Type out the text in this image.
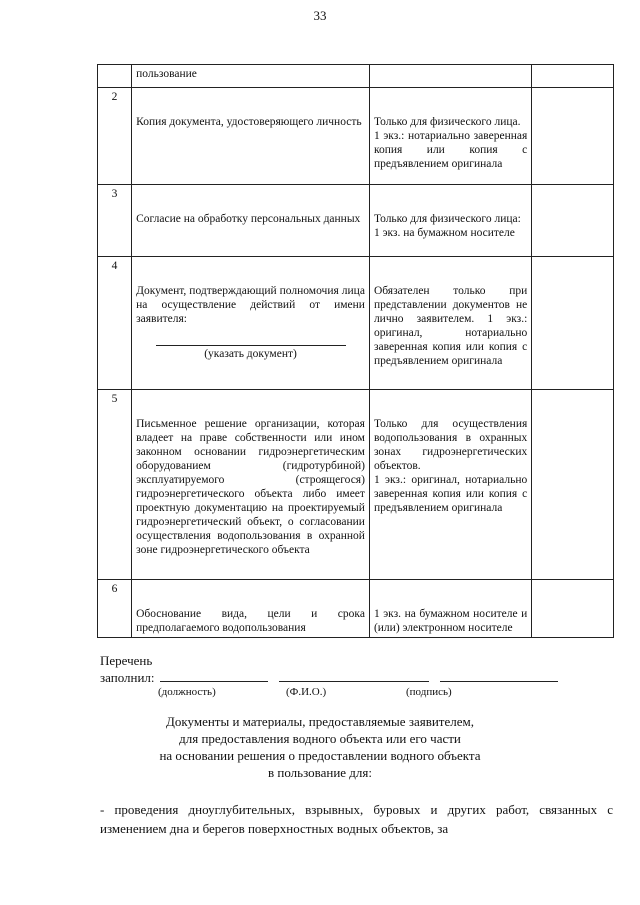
33

	пользование		

2	Копия документа, удостоверяющего личность	Только для физического лица.
1 экз.: нотариально заверенная копия или копия с предъявлением оригинала	

3	Согласие на обработку персональных данных	Только для физического лица:
1 экз. на бумажном носителе	

4	Документ, подтверждающий полномочия лица на осуществление действий от имени заявителя:
(указать документ)	Обязателен только при представлении документов не лично заявителем. 1 экз.: оригинал, нотариально заверенная копия или копия с предъявлением оригинала	

5	Письменное решение организации, которая владеет на праве собственности или ином законном основании гидроэнергетическим оборудованием (гидротурбиной) эксплуатируемого (строящегося) гидроэнергетического объекта либо имеет проектную документацию на проектируемый гидроэнергетический объект, о согласовании осуществления водопользования в охранной зоне гидроэнергетического объекта	Только для осуществления водопользования в охранных зонах гидроэнергетических объектов.
1 экз.: оригинал, нотариально заверенная копия или копия с предъявлением оригинала	

6	Обоснование вида, цели и срока предполагаемого водопользования	1 экз. на бумажном носителе и (или) электронном носителе	

Перечень
заполнил:
(должность)	(Ф.И.О.)	(подпись)
Документы и материалы, предоставляемые заявителем,
для предоставления водного объекта или его части
на основании решения о предоставлении водного объекта
в пользование для:
- проведения дноуглубительных, взрывных, буровых и других работ, связанных с изменением дна и берегов поверхностных водных объектов, за
